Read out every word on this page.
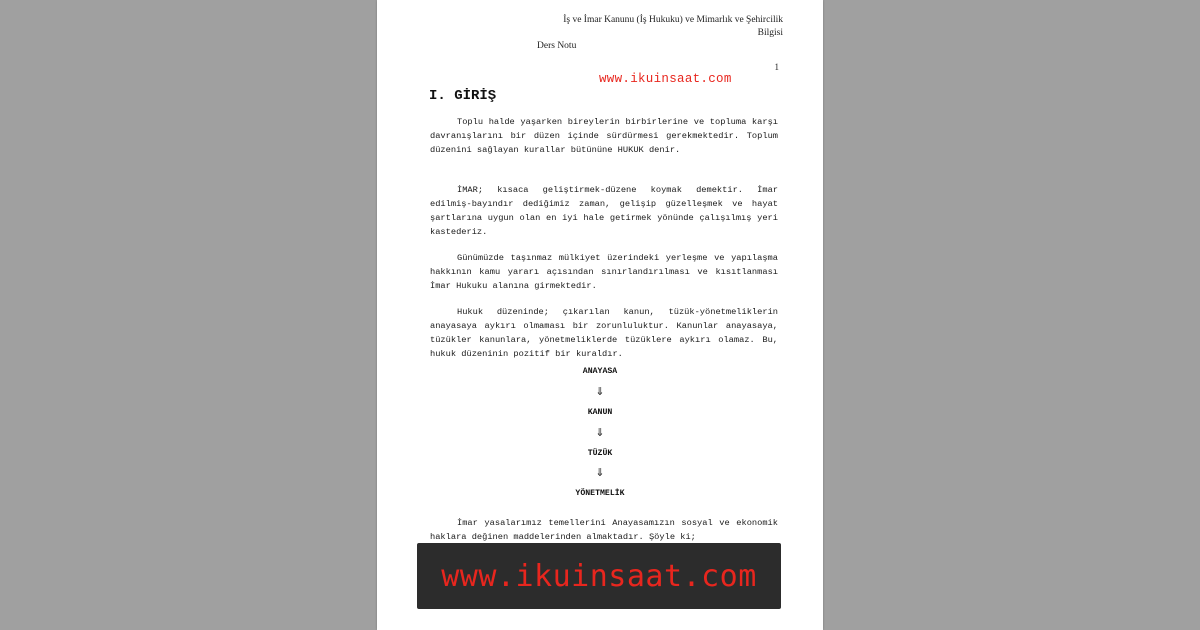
İş ve İmar Kanunu (İş Hukuku) ve Mimarlık ve Şehircilik Bilgisi
Ders Notu
1
www.ikuinsaat.com
I. GİRİŞ

Toplu halde yaşarken bireylerin birbirlerine ve topluma karşı davranışlarını bir düzen içinde sürdürmesi gerekmektedir. Toplum düzenini sağlayan kurallar bütününe HUKUK denir.

İMAR; kısaca geliştirmek-düzene koymak demektir. İmar edilmiş-bayındır dediğimiz zaman, gelişip güzelleşmek ve hayat şartlarına uygun olan en iyi hale getirmek yönünde çalışılmış yeri kastederiz.

Günümüzde taşınmaz mülkiyet üzerindeki yerleşme ve yapılaşma hakkının kamu yararı açısından sınırlandırılması ve kısıtlanması İmar Hukuku alanına girmektedir.

Hukuk düzeninde; çıkarılan kanun, tüzük-yönetmeliklerin anayasaya aykırı olmaması bir zorunluluktur. Kanunlar anayasaya, tüzükler kanunlara, yönetmeliklerde tüzüklere aykırı olamaz. Bu, hukuk düzeninin pozitif bir kuraldır.

ANAYASA
⇓
KANUN
⇓
TÜZÜK
⇓
YÖNETMELİK

İmar yasalarımız temellerini Anayasamızın sosyal ve ekonomik haklara değinen maddelerinden almaktadır. Şöyle ki;

www.ikuinsaat.com
